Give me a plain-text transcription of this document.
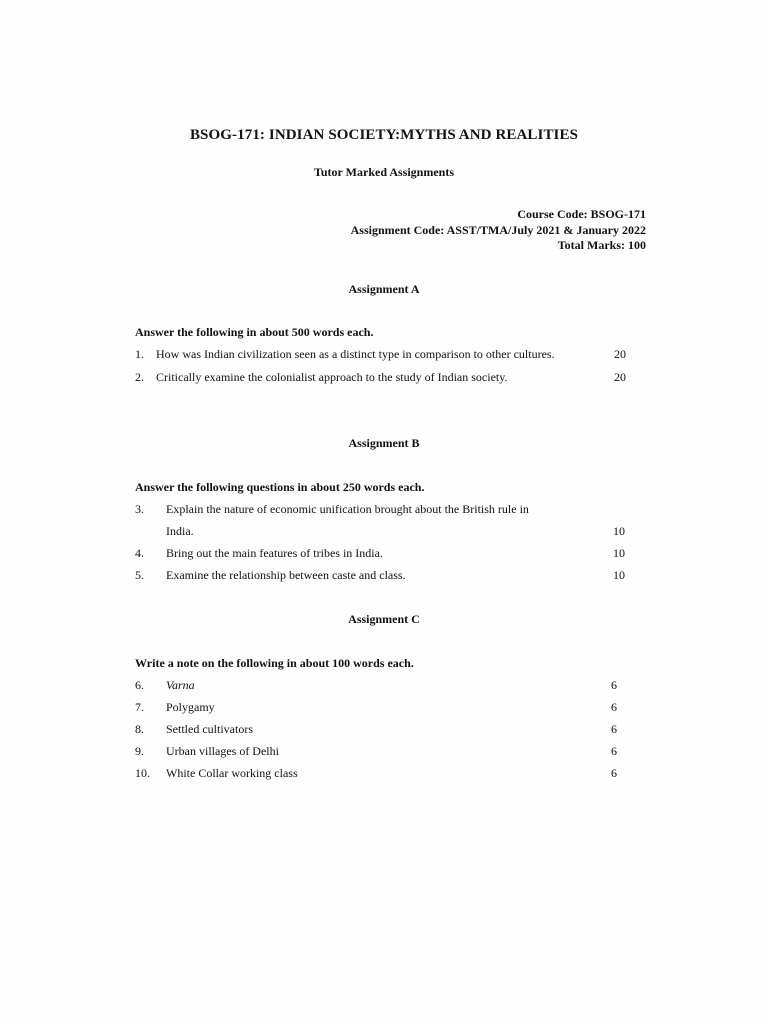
BSOG-171: INDIAN SOCIETY:MYTHS AND REALITIES
Tutor Marked Assignments
Course Code: BSOG-171
Assignment Code: ASST/TMA/July 2021 & January 2022
Total Marks: 100
Assignment A
Answer the following in about 500 words each.
1. How was Indian civilization seen as a distinct type in comparison to other cultures.	20
2. Critically examine the colonialist approach to the study of Indian society.	20
Assignment B
Answer the following questions in about 250 words each.
3. Explain the nature of economic unification brought about the British rule in
India.	10
4. Bring out the main features of tribes in India.	10
5. Examine the relationship between caste and class.	10
Assignment C
Write a note on the following in about 100 words each.
6. Varna	6
7. Polygamy	6
8. Settled cultivators	6
9. Urban villages of Delhi	6
10. White Collar working class	6
